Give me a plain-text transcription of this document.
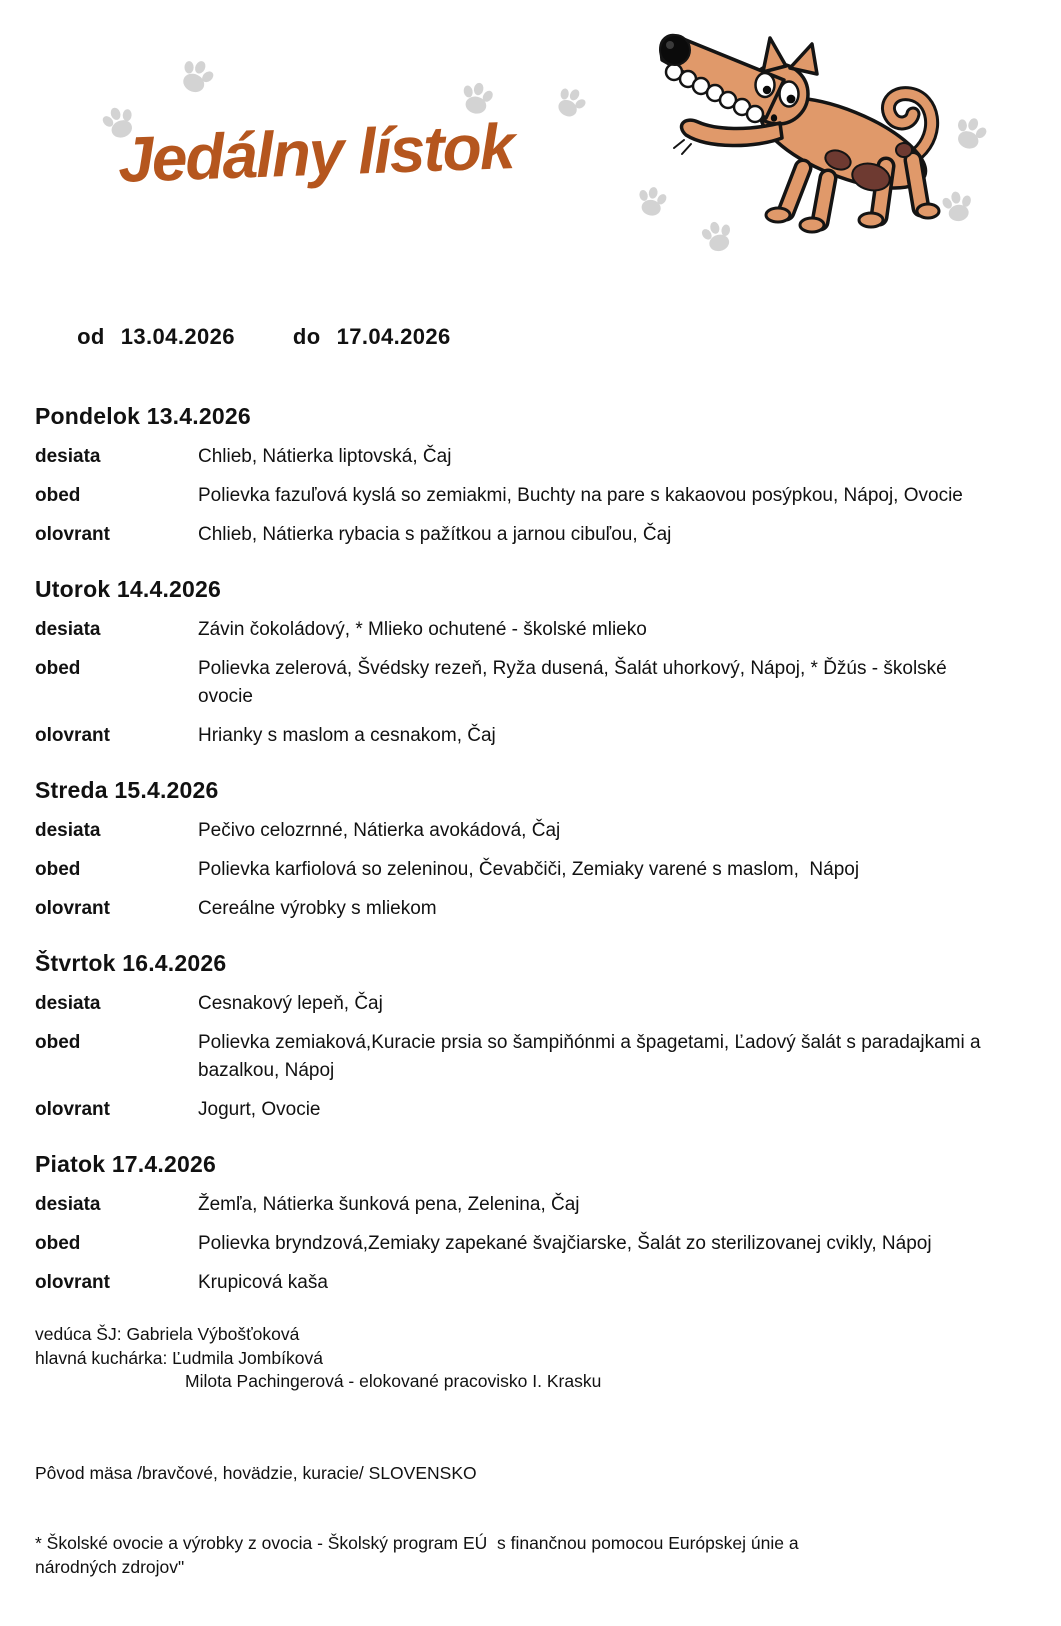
Jedálny lístok

od 13.04.2026	do 17.04.2026

Pondelok 13.4.2026
desiata	Chlieb, Nátierka liptovská, Čaj
obed	Polievka fazuľová kyslá so zemiakmi, Buchty na pare s kakaovou posýpkou, Nápoj, Ovocie
olovrant	Chlieb, Nátierka rybacia s pažítkou a jarnou cibuľou, Čaj
Utorok 14.4.2026
desiata	Závin čokoládový, * Mlieko ochutené - školské mlieko
obed	Polievka zelerová, Švédsky rezeň, Ryža dusená, Šalát uhorkový, Nápoj, * Ďžús - školské ovocie
olovrant	Hrianky s maslom a cesnakom, Čaj
Streda 15.4.2026
desiata	Pečivo celozrnné, Nátierka avokádová, Čaj
obed	Polievka karfiolová so zeleninou, Čevabčiči, Zemiaky varené s maslom,  Nápoj
olovrant	Cereálne výrobky s mliekom
Štvrtok 16.4.2026
desiata	Cesnakový lepeň, Čaj
obed	Polievka zemiaková,Kuracie prsia so šampiňónmi a špagetami, Ľadový šalát s paradajkami a bazalkou, Nápoj
olovrant	Jogurt, Ovocie
Piatok 17.4.2026
desiata	Žemľa, Nátierka šunková pena, Zelenina, Čaj
obed	Polievka bryndzová,Zemiaky zapekané švajčiarske, Šalát zo sterilizovanej cvikly, Nápoj
olovrant	Krupicová kaša
vedúca ŠJ: Gabriela Výbošťoková
hlavná kuchárka: Ľudmila Jombíková
Milota Pachingerová - elokované pracovisko I. Krasku

Pôvod mäsa /bravčové, hovädzie, kuracie/ SLOVENSKO

* Školské ovocie a výrobky z ovocia - Školský program EÚ  s finančnou pomocou Európskej únie a národných zdrojov"
